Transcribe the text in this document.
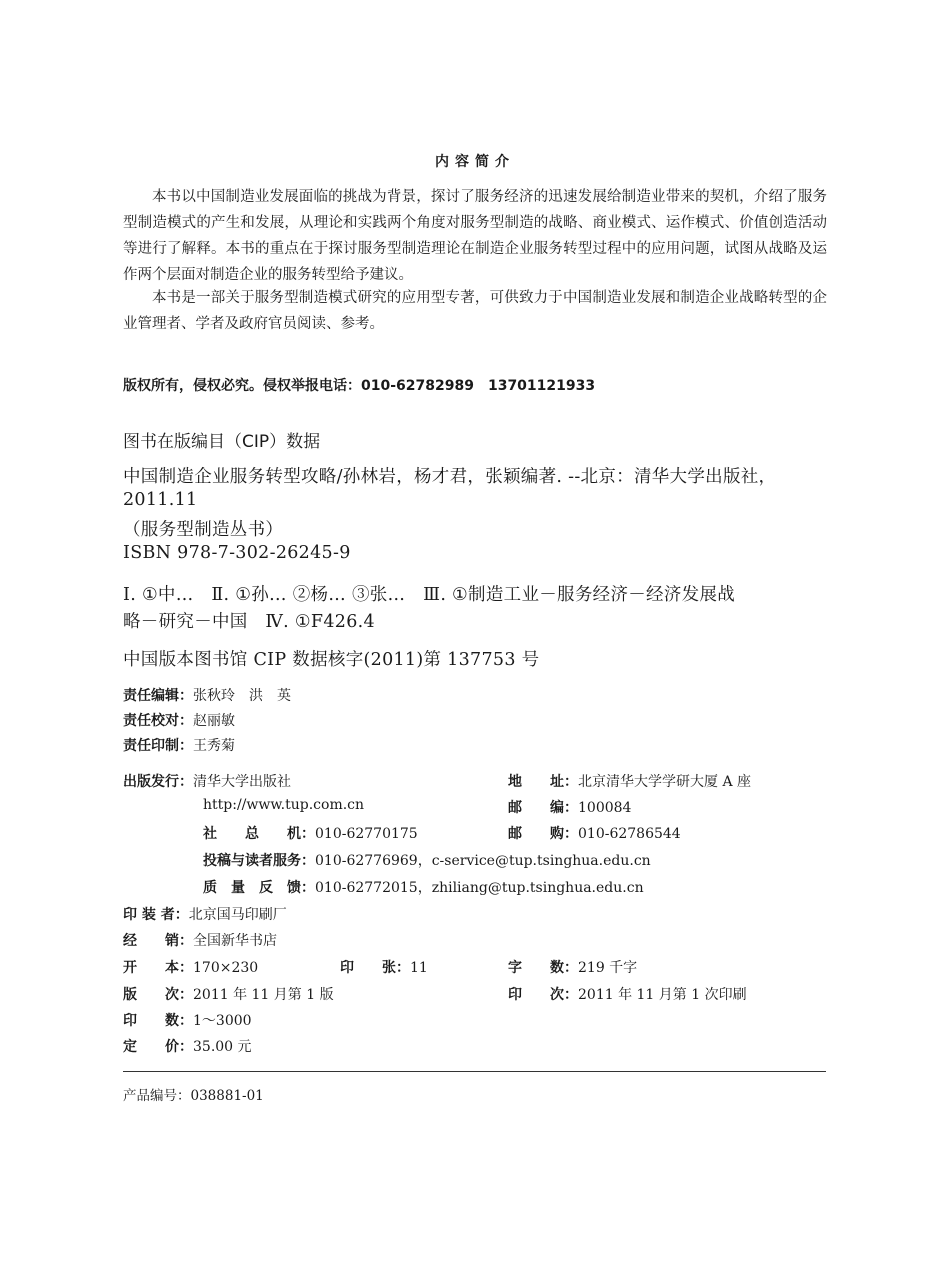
内容简介
本书以中国制造业发展面临的挑战为背景，探讨了服务经济的迅速发展给制造业带来的契机，介绍了服务型制造模式的产生和发展，从理论和实践两个角度对服务型制造的战略、商业模式、运作模式、价值创造活动等进行了解释。本书的重点在于探讨服务型制造理论在制造企业服务转型过程中的应用问题，试图从战略及运作两个层面对制造企业的服务转型给予建议。
本书是一部关于服务型制造模式研究的应用型专著，可供致力于中国制造业发展和制造企业战略转型的企业管理者、学者及政府官员阅读、参考。
版权所有，侵权必究。侵权举报电话：010-62782989　13701121933
图书在版编目（CIP）数据
中国制造企业服务转型攻略/孙林岩，杨才君，张颖编著. --北京：清华大学出版社，
2011.11
（服务型制造丛书）
ISBN 978-7-302-26245-9
Ⅰ. ①中…　Ⅱ. ①孙… ②杨… ③张…　Ⅲ. ①制造工业－服务经济－经济发展战
略－研究－中国　Ⅳ. ①F426.4
中国版本图书馆 CIP 数据核字(2011)第 137753 号
责任编辑：张秋玲　洪　英
责任校对：赵丽敏
责任印制：王秀菊
出版发行：清华大学出版社	地　　址：北京清华大学学研大厦 A 座
http://www.tup.com.cn	邮　　编：100084
社　　总　　机：010-62770175	邮　　购：010-62786544
投稿与读者服务：010-62776969，c-service@tup.tsinghua.edu.cn
质　量　反　馈：010-62772015，zhiliang@tup.tsinghua.edu.cn
印 装 者：北京国马印刷厂
经　　销：全国新华书店
开　　本：170×230	印　　张：11	字　　数：219 千字
版　　次：2011 年 11 月第 1 版	印　　次：2011 年 11 月第 1 次印刷
印　　数：1～3000
定　　价：35.00 元
产品编号：038881-01
